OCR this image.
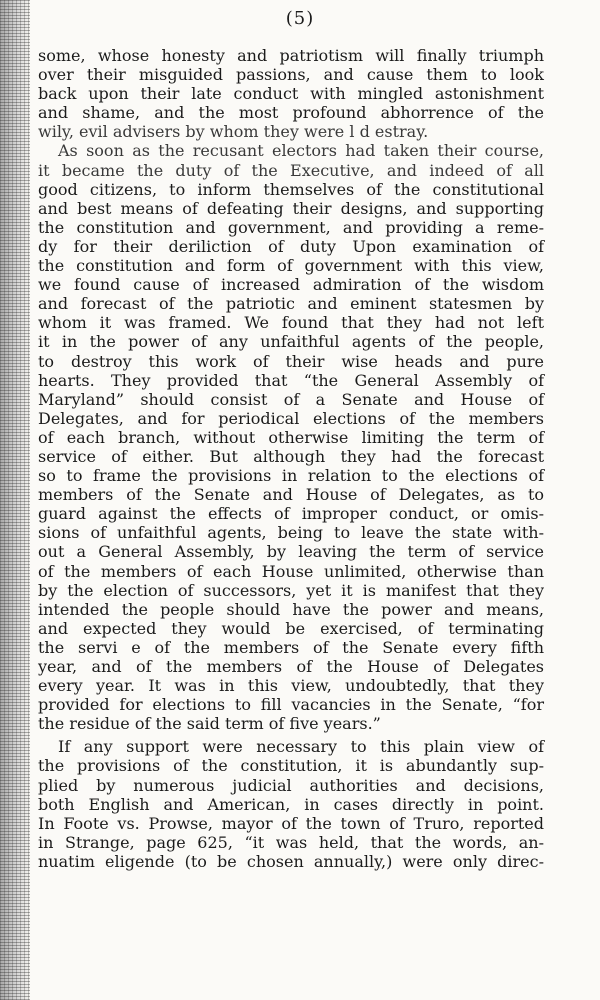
(5)

some, whose honesty and patriotism will finally triumph

over their misguided passions, and cause them to look

back upon their late conduct with mingled astonishment

and shame, and the most profound abhorrence of the

wily, evil advisers by whom they were l d estray.

As soon as the recusant electors had taken their course,

it became the duty of the Executive, and indeed of all

good citizens, to inform themselves of the constitutional

and best means of defeating their designs, and supporting

the constitution and government, and providing a reme-

dy for their deriliction of duty Upon examination of

the constitution and form of government with this view,

we found cause of increased admiration of the wisdom

and forecast of the patriotic and eminent statesmen by

whom it was framed. We found that they had not left

it in the power of any unfaithful agents of the people,

to destroy this work of their wise heads and pure

hearts. They provided that “the General Assembly of

Maryland” should consist of a Senate and House of

Delegates, and for periodical elections of the members

of each branch, without otherwise limiting the term of

service of either. But although they had the forecast

so to frame the provisions in relation to the elections of

members of the Senate and House of Delegates, as to

guard against the effects of improper conduct, or omis-

sions of unfaithful agents, being to leave the state with-

out a General Assembly, by leaving the term of service

of the members of each House unlimited, otherwise than

by the election of successors, yet it is manifest that they

intended the people should have the power and means,

and expected they would be exercised, of terminating

the servi e of the members of the Senate every fifth

year, and of the members of the House of Delegates

every year. It was in this view, undoubtedly, that they

provided for elections to fill vacancies in the Senate, “for

the residue of the said term of five years.”

If any support were necessary to this plain view of

the provisions of the constitution, it is abundantly sup-

plied by numerous judicial authorities and decisions,

both English and American, in cases directly in point.

In Foote vs. Prowse, mayor of the town of Truro, reported

in Strange, page 625, “it was held, that the words, an-

nuatim eligende (to be chosen annually,) were only direc-
